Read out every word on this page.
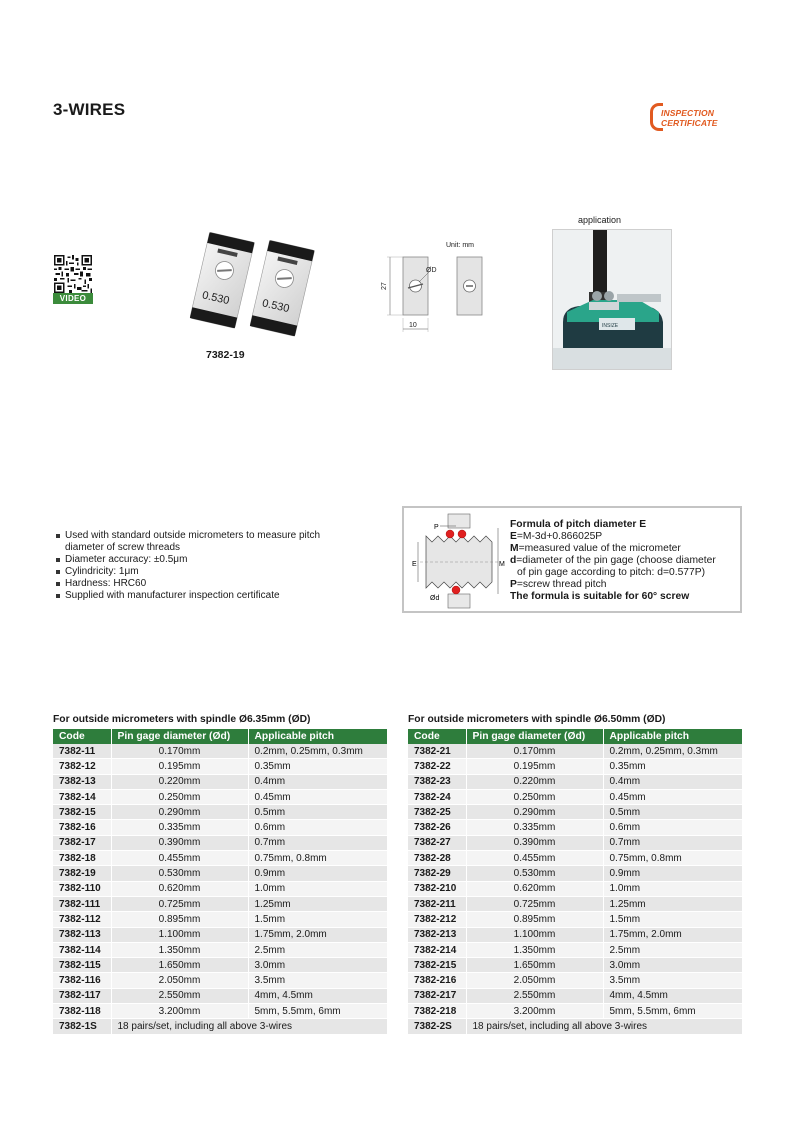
3-WIRES	INSPECTION
CERTIFICATE
VIDEO	0.530	0.530
7382-19
Unit: mm
27
10
ØD
application
INSIZE
Used with standard outside micrometers to measure pitch diameter of screw threads
Diameter accuracy: ±0.5μm
Cylindricity: 1μm
Hardness: HRC60
Supplied with manufacturer inspection certificate
P
E	M
Ød
Formula of pitch diameter E
E=M-3d+0.866025P
M=measured value of the micrometer
d=diameter of the pin gage (choose diameter
of pin gage according to pitch: d=0.577P)
P=screw thread pitch
The formula is suitable for 60° screw
For outside micrometers with spindle Ø6.35mm (ØD)
Code	Pin gage diameter (Ød)	Applicable pitch
7382-11	0.170mm	0.2mm, 0.25mm, 0.3mm
7382-12	0.195mm	0.35mm
7382-13	0.220mm	0.4mm
7382-14	0.250mm	0.45mm
7382-15	0.290mm	0.5mm
7382-16	0.335mm	0.6mm
7382-17	0.390mm	0.7mm
7382-18	0.455mm	0.75mm, 0.8mm
7382-19	0.530mm	0.9mm
7382-110	0.620mm	1.0mm
7382-111	0.725mm	1.25mm
7382-112	0.895mm	1.5mm
7382-113	1.100mm	1.75mm, 2.0mm
7382-114	1.350mm	2.5mm
7382-115	1.650mm	3.0mm
7382-116	2.050mm	3.5mm
7382-117	2.550mm	4mm, 4.5mm
7382-118	3.200mm	5mm, 5.5mm, 6mm
7382-1S	18 pairs/set, including all above 3-wires	
For outside micrometers with spindle Ø6.50mm (ØD)
Code	Pin gage diameter (Ød)	Applicable pitch
7382-21	0.170mm	0.2mm, 0.25mm, 0.3mm
7382-22	0.195mm	0.35mm
7382-23	0.220mm	0.4mm
7382-24	0.250mm	0.45mm
7382-25	0.290mm	0.5mm
7382-26	0.335mm	0.6mm
7382-27	0.390mm	0.7mm
7382-28	0.455mm	0.75mm, 0.8mm
7382-29	0.530mm	0.9mm
7382-210	0.620mm	1.0mm
7382-211	0.725mm	1.25mm
7382-212	0.895mm	1.5mm
7382-213	1.100mm	1.75mm, 2.0mm
7382-214	1.350mm	2.5mm
7382-215	1.650mm	3.0mm
7382-216	2.050mm	3.5mm
7382-217	2.550mm	4mm, 4.5mm
7382-218	3.200mm	5mm, 5.5mm, 6mm
7382-2S	18 pairs/set, including all above 3-wires	
